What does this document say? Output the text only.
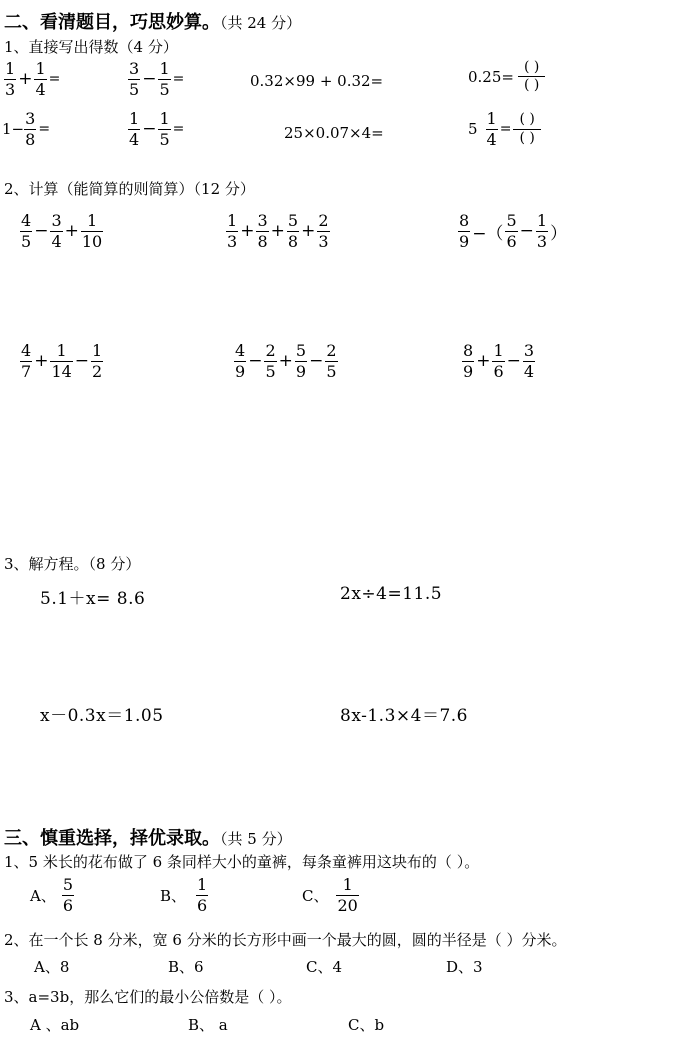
二、看清题目，巧思妙算。（共 24 分）
1、直接写出得数（4 分）
$\frac{1}{3} + \frac{1}{4}$ =	$\frac{3}{5} - \frac{1}{5}$ =	0.32×99 + 0.32=	$0.25= \frac{( )}{( )}$
$1- \frac{3}{8}$ =	$\frac{1}{4} - \frac{1}{5}$ =	25×0.07×4=	$5 \frac{1}{4} = \frac{( )}{( )}$
2、计算（能简算的则简算）（12 分）
$\frac{4}{5} - \frac{3}{4} + \frac{1}{10}$	$\frac{1}{3} + \frac{3}{8} + \frac{5}{8} + \frac{2}{3}$	$\frac{8}{9}$ −（ $\frac{5}{6} - \frac{1}{3}$ ）
$\frac{4}{7} + \frac{1}{14} - \frac{1}{2}$	$\frac{4}{9} - \frac{2}{5} + \frac{5}{9} - \frac{2}{5}$	$\frac{8}{9} + \frac{1}{6} - \frac{3}{4}$
3、解方程。（8 分）
5.1＋x= 8.6	2x÷4=11.5
x－0.3x＝1.05	8x-1.3×4＝7.6
三、慎重选择，择优录取。（共 5 分）
1、5 米长的花布做了 6 条同样大小的童裤，每条童裤用这块布的（ ）。
A、 $\frac{5}{6}$	B、 $\frac{1}{6}$	C、 $\frac{1}{20}$
2、在一个长 8 分米，宽 6 分米的长方形中画一个最大的圆，圆的半径是（ ）分米。
A、8	B、6	C、4	D、3
3、a=3b，那么它们的最小公倍数是（ ）。
A 、ab	B、 a	C、b
